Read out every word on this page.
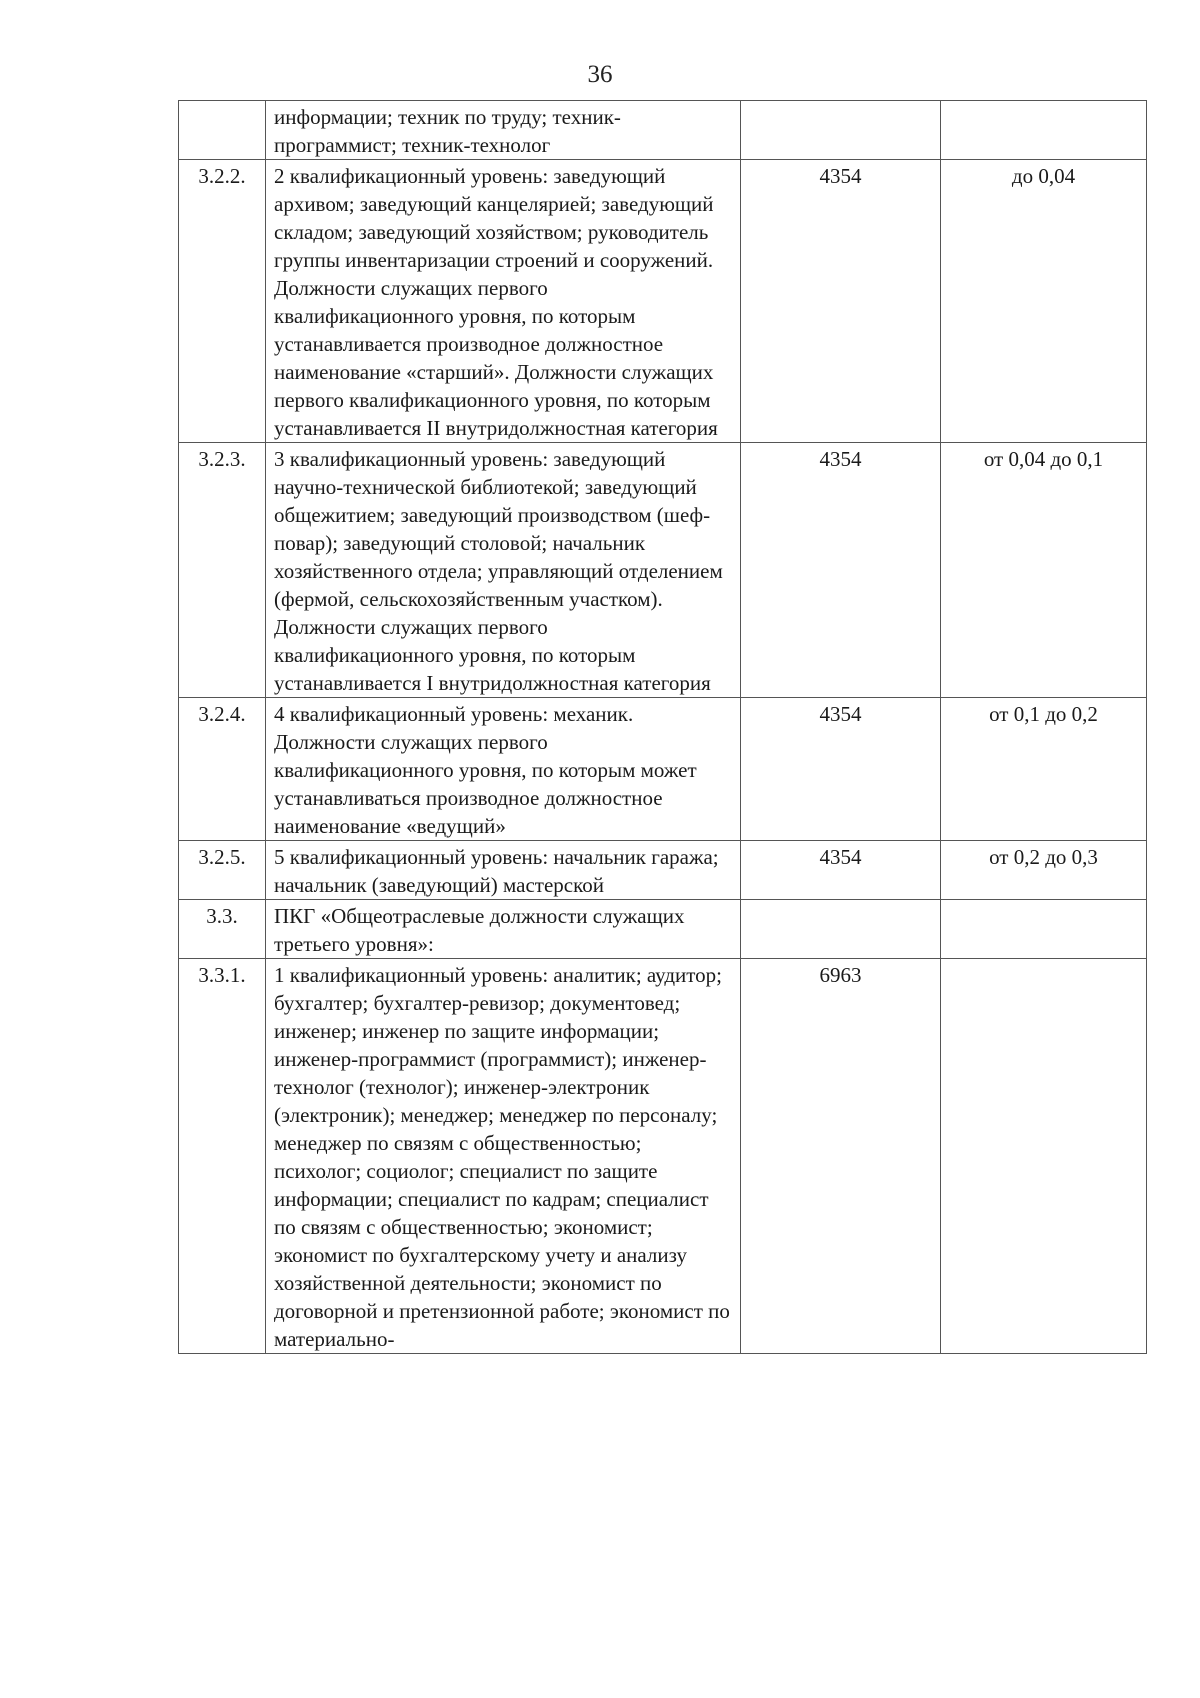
36
	информации; техник по труду; техник-программист; техник-технолог		
3.2.2.	2 квалификационный уровень: заведующий архивом; заведующий канцелярией; заведующий складом; заведующий хозяйством; руководитель группы инвентаризации строений и сооружений. Должности служащих первого квалификационного уровня, по которым устанавливается производное должностное наименование «старший». Должности служащих первого квалификационного уровня, по которым устанавливается II внутридолжностная категория	4354	до 0,04
3.2.3.	3 квалификационный уровень: заведующий научно-технической библиотекой; заведующий общежитием; заведующий производством (шеф-повар); заведующий столовой; начальник хозяйственного отдела; управляющий отделением (фермой, сельскохозяйственным участком). Должности служащих первого квалификационного уровня, по которым устанавливается I внутридолжностная категория	4354	от 0,04 до 0,1
3.2.4.	4 квалификационный уровень: механик. Должности служащих первого квалификационного уровня, по которым может устанавливаться производное должностное наименование «ведущий»	4354	от 0,1 до 0,2
3.2.5.	5 квалификационный уровень: начальник гаража; начальник (заведующий) мастерской	4354	от 0,2 до 0,3
3.3.	ПКГ «Общеотраслевые должности служащих третьего уровня»:		
3.3.1.	1 квалификационный уровень: аналитик; аудитор; бухгалтер; бухгалтер-ревизор; документовед; инженер; инженер по защите информации; инженер-программист (программист); инженер-технолог (технолог); инженер-электроник (электроник); менеджер; менеджер по персоналу; менеджер по связям с общественностью; психолог; социолог; специалист по защите информации; специалист по кадрам; специалист по связям с общественностью; экономист; экономист по бухгалтерскому учету и анализу хозяйственной деятельности; экономист по договорной и претензионной работе; экономист по материально-	6963	
